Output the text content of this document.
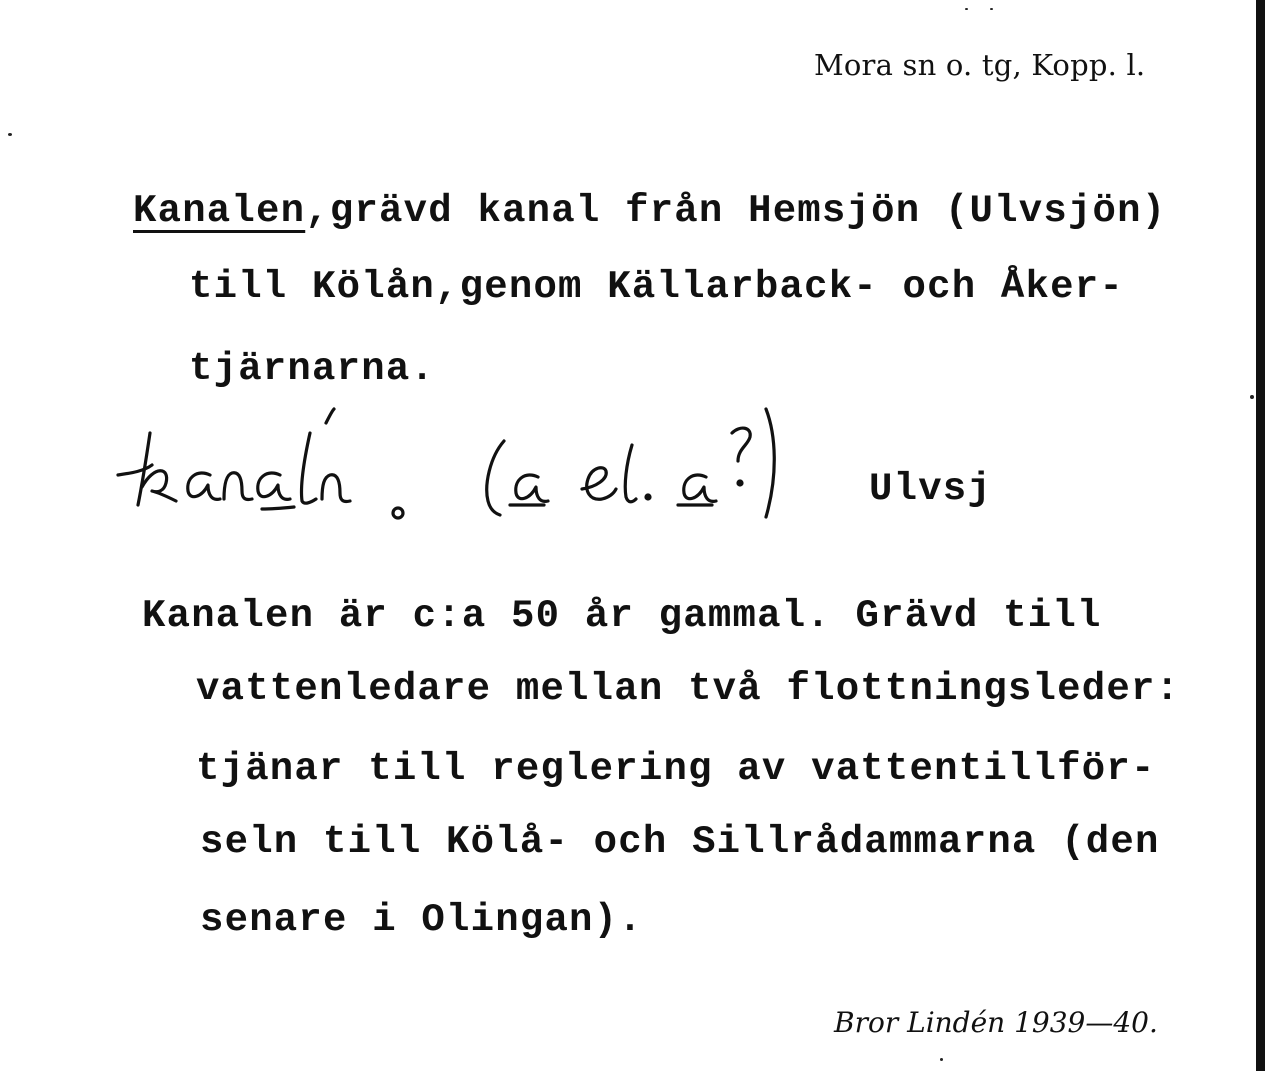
Mora sn o. tg, Kopp. l.
Kanalen,grävd kanal från Hemsjön (Ulvsjön)
till Kölån,genom Källarback- och Åker-
tjärnarna.
Ulvsj
Kanalen är c:a 50 år gammal. Grävd till
vattenledare mellan två flottningsleder:
tjänar till reglering av vattentillför-
seln till Kölå- och Sillrådammarna (den
senare i Olingan).
Bror Lindén 1939—40.
